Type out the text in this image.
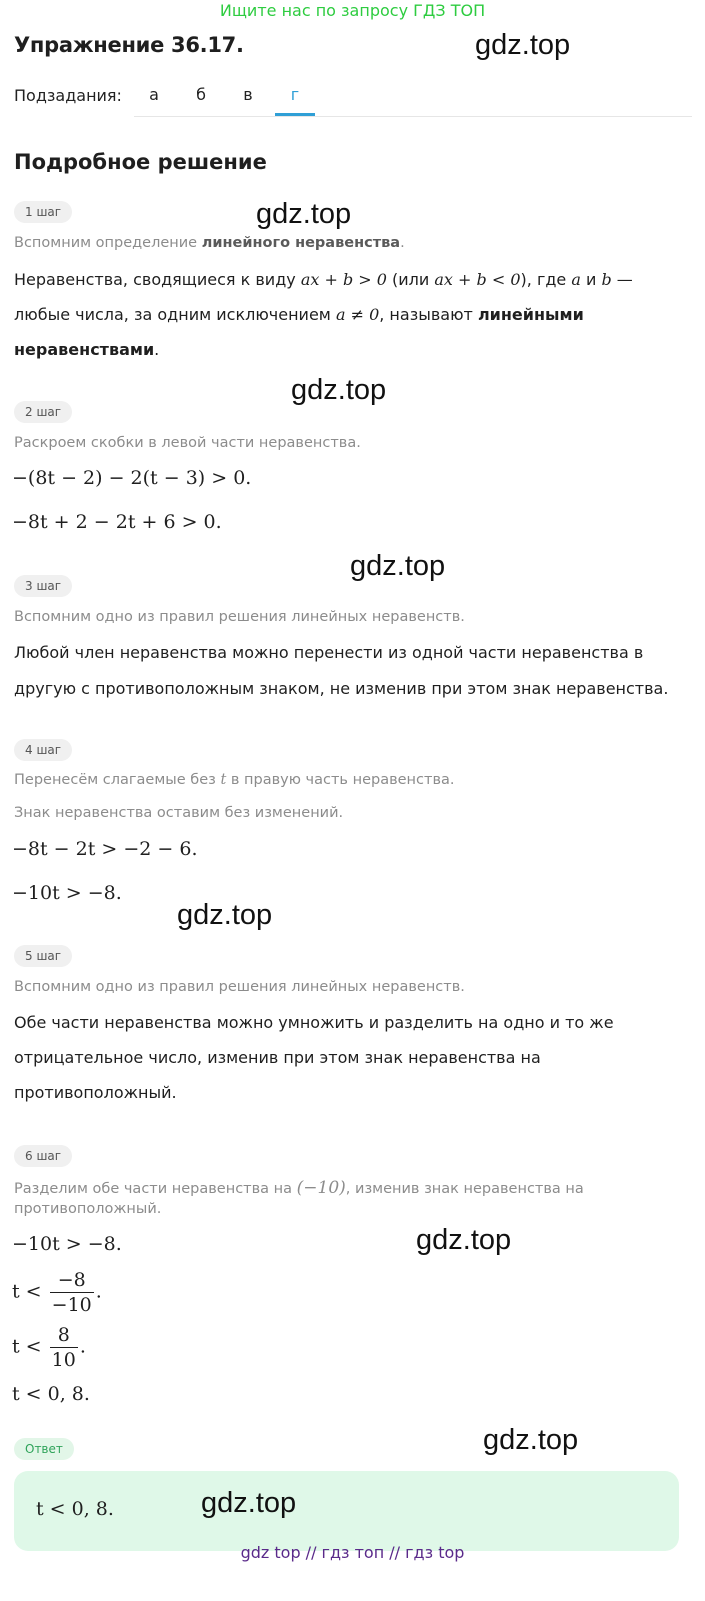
Ищите нас по запросу ГДЗ ТОП
Упражнение 36.17.	gdz.top
Подзадания:	а	б	в	г
Подробное решение
1 шаг	gdz.top
Вспомним определение линейного неравенства.
Неравенства, сводящиеся к виду ax + b > 0 (или ax + b < 0), где a и b —
любые числа, за одним исключением a ≠ 0, называют линейными
неравенствами.
gdz.top
2 шаг
Раскроем скобки в левой части неравенства.
−(8t − 2) − 2(t − 3) > 0.
−8t + 2 − 2t + 6 > 0.
gdz.top
3 шаг
Вспомним одно из правил решения линейных неравенств.
Любой член неравенства можно перенести из одной части неравенства в
другую с противоположным знаком, не изменив при этом знак неравенства.
4 шаг
Перенесём слагаемые без t в правую часть неравенства.
Знак неравенства оставим без изменений.
−8t − 2t > −2 − 6.
−10t > −8.
gdz.top
5 шаг
Вспомним одно из правил решения линейных неравенств.
Обе части неравенства можно умножить и разделить на одно и то же
отрицательное число, изменив при этом знак неравенства на
противоположный.
6 шаг
Разделим обе части неравенства на (−10), изменив знак неравенства на
противоположный.
−10t > −8.	gdz.top
$t < \frac{-8}{-10}$ .
$t < \frac{8}{10}$ .
t < 0, 8.
Ответ	gdz.top
t < 0, 8.	gdz.top
gdz top // гдз топ // гдз top
